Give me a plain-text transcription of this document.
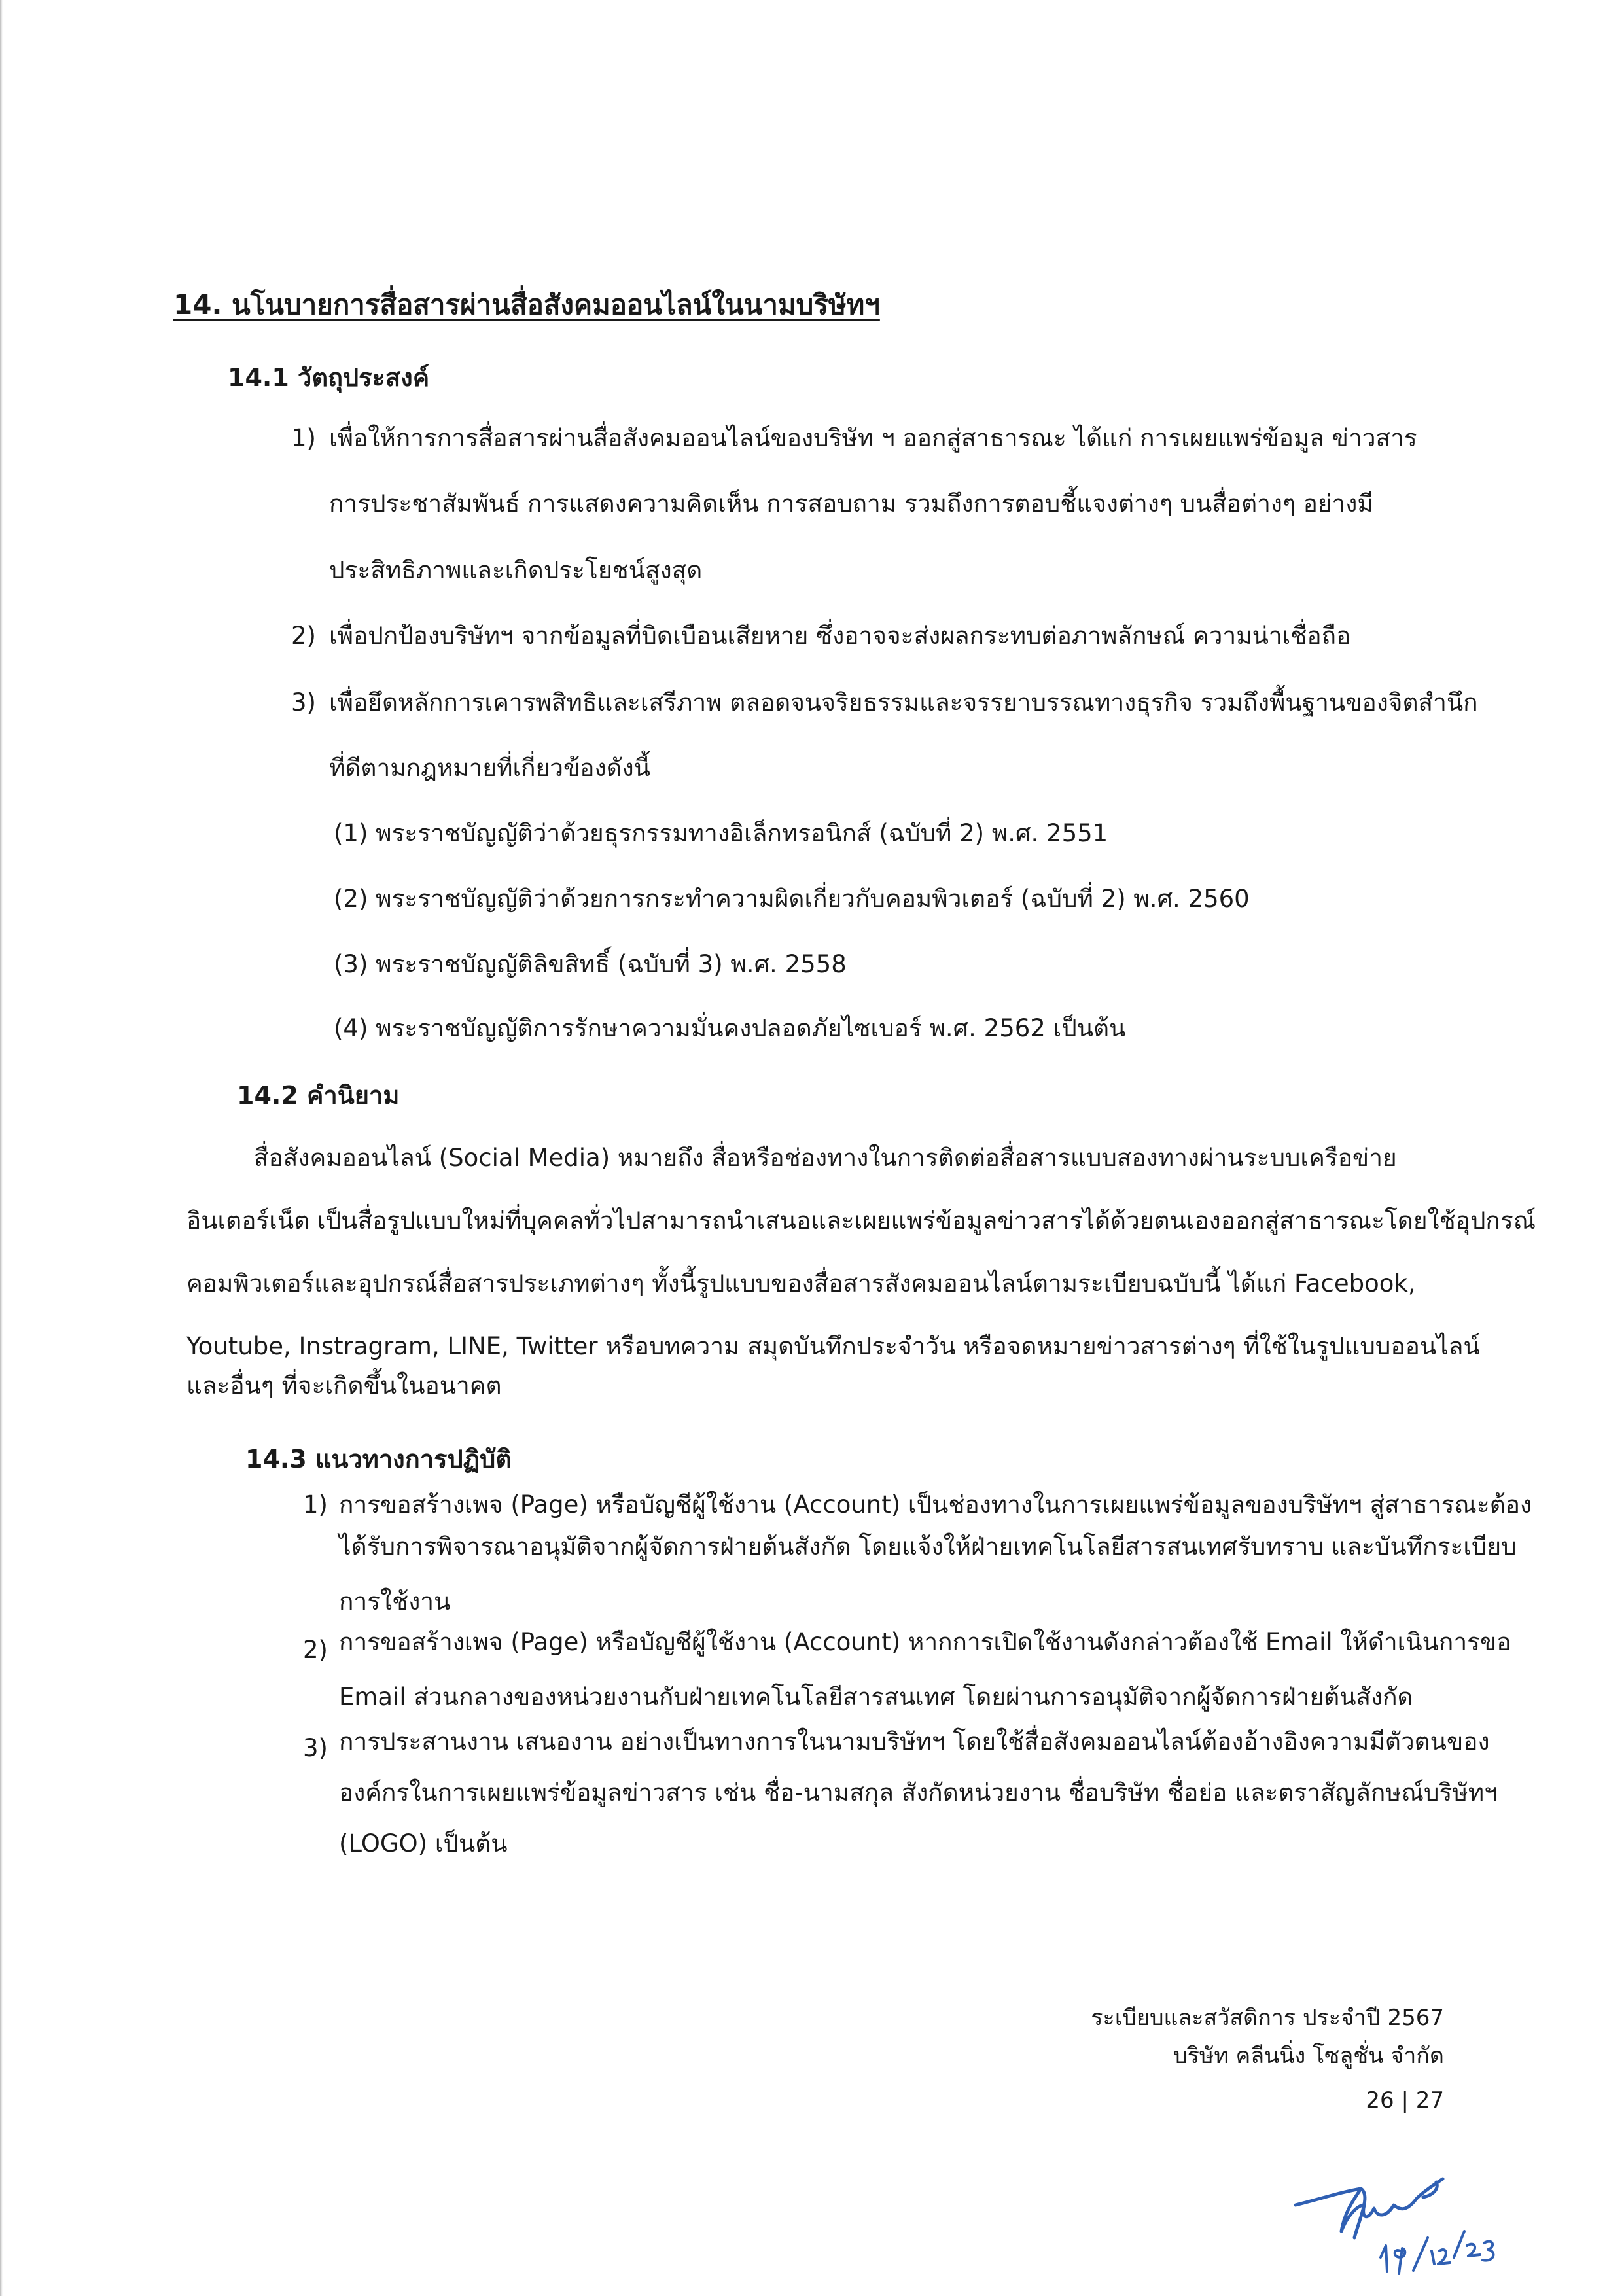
14. นโนบายการสื่อสารผ่านสื่อสังคมออนไลน์ในนามบริษัทฯ
14.1 วัตถุประสงค์
1) เพื่อให้การการสื่อสารผ่านสื่อสังคมออนไลน์ของบริษัท ฯ ออกสู่สาธารณะ ได้แก่ การเผยแพร่ข้อมูล ข่าวสาร
การประชาสัมพันธ์ การแสดงความคิดเห็น การสอบถาม รวมถึงการตอบชี้แจงต่างๆ บนสื่อต่างๆ อย่างมี
ประสิทธิภาพและเกิดประโยชน์สูงสุด
2) เพื่อปกป้องบริษัทฯ จากข้อมูลที่บิดเบือนเสียหาย ซึ่งอาจจะส่งผลกระทบต่อภาพลักษณ์ ความน่าเชื่อถือ
3) เพื่อยึดหลักการเคารพสิทธิและเสรีภาพ ตลอดจนจริยธรรมและจรรยาบรรณทางธุรกิจ รวมถึงพื้นฐานของจิตสำนึก
ที่ดีตามกฎหมายที่เกี่ยวข้องดังนี้
(1) พระราชบัญญัติว่าด้วยธุรกรรมทางอิเล็กทรอนิกส์ (ฉบับที่ 2) พ.ศ. 2551
(2) พระราชบัญญัติว่าด้วยการกระทำความผิดเกี่ยวกับคอมพิวเตอร์ (ฉบับที่ 2) พ.ศ. 2560
(3) พระราชบัญญัติลิขสิทธิ์ (ฉบับที่ 3) พ.ศ. 2558
(4) พระราชบัญญัติการรักษาความมั่นคงปลอดภัยไซเบอร์ พ.ศ. 2562 เป็นต้น
14.2 คำนิยาม
สื่อสังคมออนไลน์ (Social Media) หมายถึง สื่อหรือช่องทางในการติดต่อสื่อสารแบบสองทางผ่านระบบเครือข่าย
อินเตอร์เน็ต เป็นสื่อรูปแบบใหม่ที่บุคคลทั่วไปสามารถนำเสนอและเผยแพร่ข้อมูลข่าวสารได้ด้วยตนเองออกสู่สาธารณะโดยใช้อุปกรณ์
คอมพิวเตอร์และอุปกรณ์สื่อสารประเภทต่างๆ ทั้งนี้รูปแบบของสื่อสารสังคมออนไลน์ตามระเบียบฉบับนี้ ได้แก่ Facebook,
Youtube, Instragram, LINE, Twitter หรือบทความ สมุดบันทึกประจำวัน หรือจดหมายข่าวสารต่างๆ ที่ใช้ในรูปแบบออนไลน์
และอื่นๆ ที่จะเกิดขึ้นในอนาคต
14.3 แนวทางการปฏิบัติ
1) การขอสร้างเพจ (Page) หรือบัญชีผู้ใช้งาน (Account) เป็นช่องทางในการเผยแพร่ข้อมูลของบริษัทฯ สู่สาธารณะต้อง
ได้รับการพิจารณาอนุมัติจากผู้จัดการฝ่ายต้นสังกัด โดยแจ้งให้ฝ่ายเทคโนโลยีสารสนเทศรับทราบ และบันทึกระเบียบ
การใช้งาน
2) การขอสร้างเพจ (Page) หรือบัญชีผู้ใช้งาน (Account) หากการเปิดใช้งานดังกล่าวต้องใช้ Email ให้ดำเนินการขอ
Email ส่วนกลางของหน่วยงานกับฝ่ายเทคโนโลยีสารสนเทศ โดยผ่านการอนุมัติจากผู้จัดการฝ่ายต้นสังกัด
3) การประสานงาน เสนองาน อย่างเป็นทางการในนามบริษัทฯ โดยใช้สื่อสังคมออนไลน์ต้องอ้างอิงความมีตัวตนของ
องค์กรในการเผยแพร่ข้อมูลข่าวสาร เช่น ชื่อ-นามสกุล สังกัดหน่วยงาน ชื่อบริษัท ชื่อย่อ และตราสัญลักษณ์บริษัทฯ
(LOGO) เป็นต้น
ระเบียบและสวัสดิการ ประจำปี 2567
บริษัท คลีนนิ่ง โซลูชั่น จำกัด
26 | 27
